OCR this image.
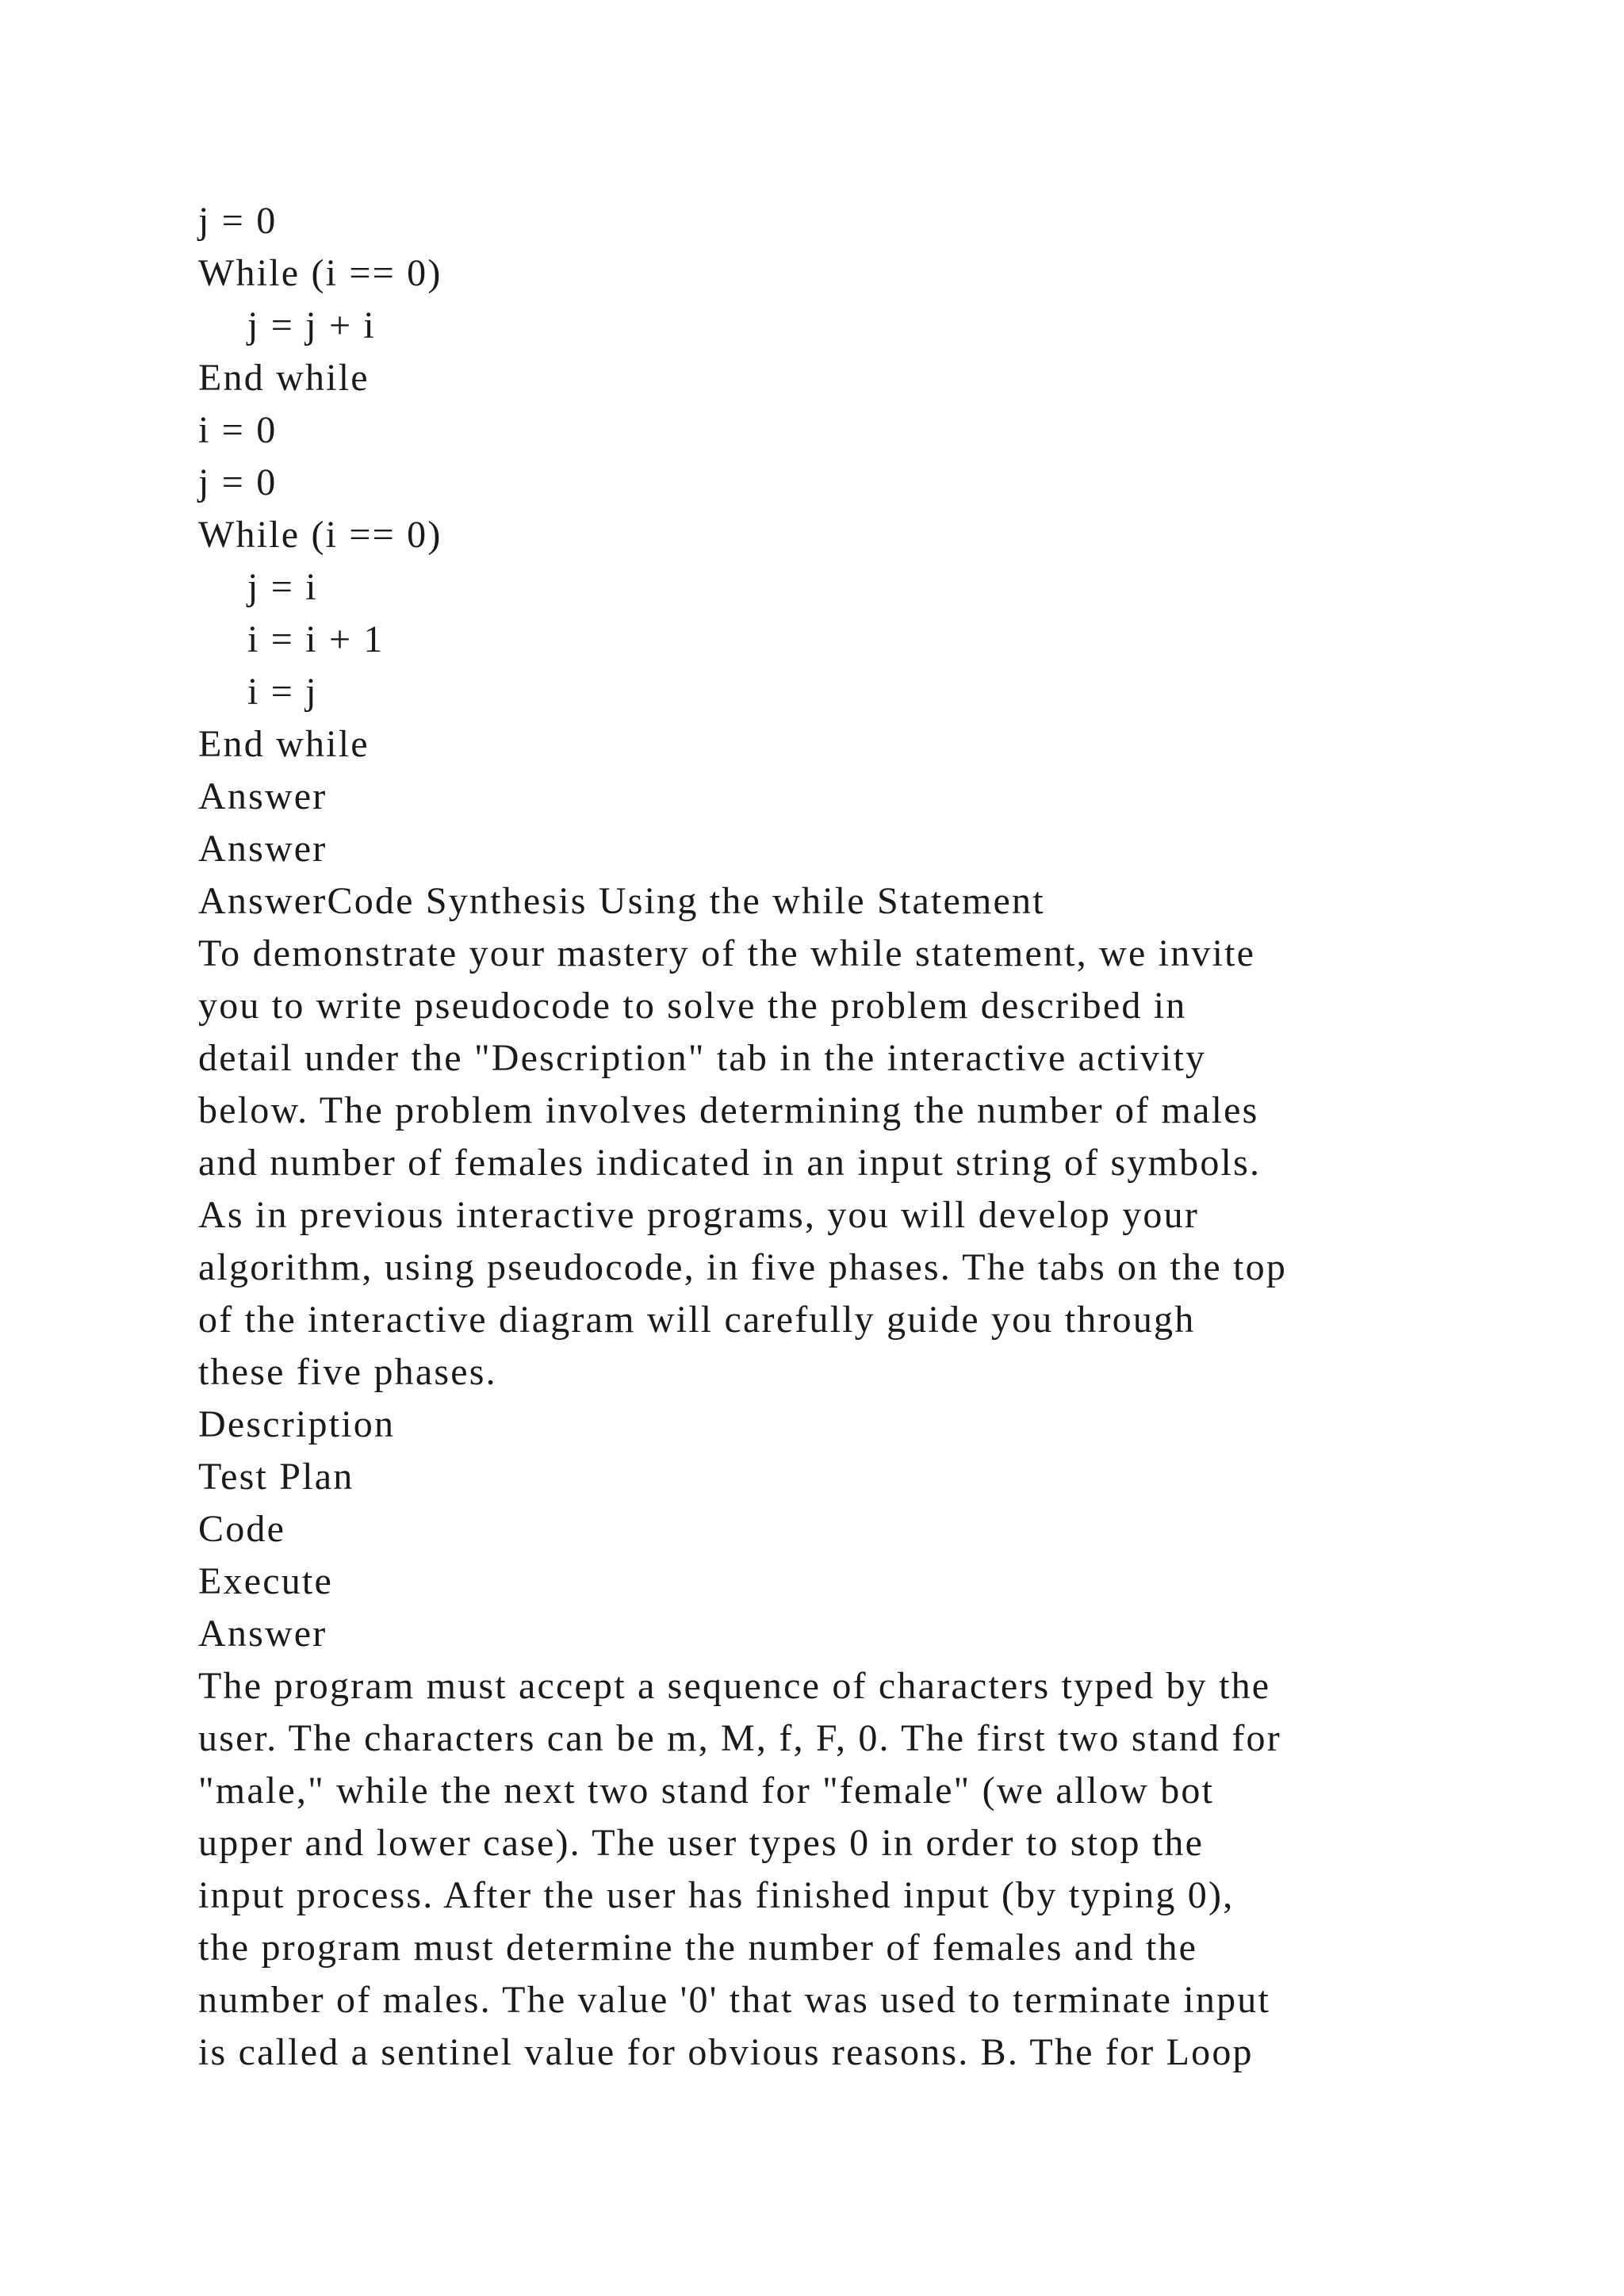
j = 0
While (i == 0)
j = j + i
End while
i = 0
j = 0
While (i == 0)
j = i
i = i + 1
i = j
End while
Answer
Answer
AnswerCode Synthesis Using the while Statement
To demonstrate your mastery of the while statement, we invite
you to write pseudocode to solve the problem described in
detail under the "Description" tab in the interactive activity
below. The problem involves determining the number of males
and number of females indicated in an input string of symbols.
As in previous interactive programs, you will develop your
algorithm, using pseudocode, in five phases. The tabs on the top
of the interactive diagram will carefully guide you through
these five phases.
Description
Test Plan
Code
Execute
Answer
The program must accept a sequence of characters typed by the
user. The characters can be m, M, f, F, 0. The first two stand for
"male," while the next two stand for "female" (we allow bot
upper and lower case). The user types 0 in order to stop the
input process. After the user has finished input (by typing 0),
the program must determine the number of females and the
number of males. The value '0' that was used to terminate input
is called a sentinel value for obvious reasons. B. The for Loop
